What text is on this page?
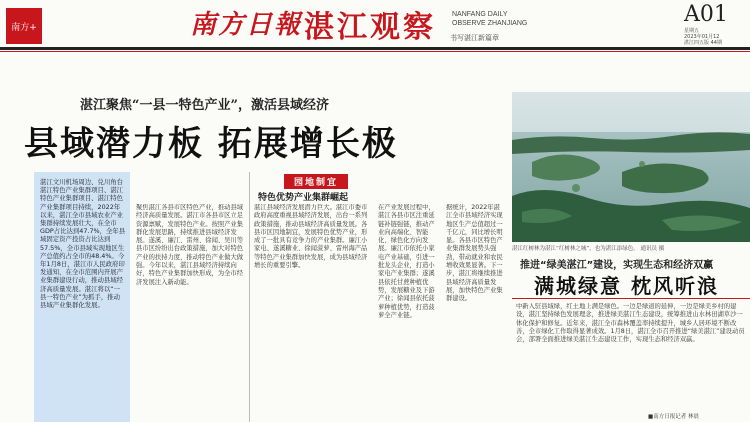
南方+	南方日報 湛江观察 NANFANG DAILY
OBSERVE ZHANJIANG
书写湛江新篇章
A​01
星期五
2023年01月12
湛江四五版 44期
湛江聚焦“一县一特色产业”，激活县域经济
县域潜力板 拓展增长极
湛江文川机场周边、兑川角台湛江特色产业集群项目、湛江特色产业集群项目、湛江特色产业集群项目持续，2022年以来，湛江全市县域农业产业集群持续发展壮大，在全市GDP占比达到47.7%，全年县域固定资产投资占比达到57.5%，全市县域实现地区生产总值约占全市的48.4%。今年1月8日，湛江市人民政府印发通知，在全市范围内开展产业集群建设行动，推动县域经济高质量发展。湛江将以“一县一特色产业”为抓手，推动县域产业集群化发展。
聚焦湛江各县市区特色产业，推动县域经济高质量发展。湛江市各县市区立足资源禀赋，发展特色产业。按照产业集群化发展思路，持续推进县域经济发展。遂溪、廉江、雷州、徐闻、吴川等县市区纷纷出台政策措施，加大对特色产业的扶持力度，推动特色产业做大做强。今年以来，湛江县域经济持续向好，特色产业集群加快形成，为全市经济发展注入新动能。
园地制宜
特色优势产业集群崛起
湛江县域经济发展潜力巨大。湛江市委市政府高度重视县域经济发展，出台一系列政策措施，推动县域经济高质量发展。各县市区因地制宜，发展特色优势产业，形成了一批具有竞争力的产业集群。廉江小家电、遂溪糖业、徐闻菠萝、雷州海产品等特色产业集群加快发展，成为县域经济增长的重要引擎。
在产业发展过程中，湛江各县市区注重延链补链强链，推动产业向高端化、智能化、绿色化方向发展。廉江市依托小家电产业基础，引进一批龙头企业，打造小家电产业集群；遂溪县依托甘蔗种植优势，发展糖业及下游产业；徐闻县依托菠萝种植优势，打造菠萝全产业链。
据统计，2022年湛江全市县域经济实现地区生产总值超过一千亿元，同比增长明显。各县市区特色产业集群发展势头强劲，带动就业和农民增收效果显著。下一步，湛江将继续推进县域经济高质量发展，加快特色产业集群建设。
湛江红树林为湛江“红树林之城”，也为湛江添绿色。 通讯员 摄
推进“绿美湛江”建设，实现生态和经济双赢
满城绿意 枕风听浪
中新入驻县域绿，红土地上满是绿色。一边是绿道的延伸，一边是绿美乡村的建设，湛江坚持绿色发展理念，推进绿美湛江生态建设，统筹推进山水林田湖草沙一体化保护和修复。近年来，湛江全市森林覆盖率持续提升，城乡人居环境不断改善，全市绿化工作取得显著成效。1月8日，湛江全市召开推进“绿美湛江”建设动员会，部署全面推进绿美湛江生态建设工作，实现生态和经济双赢。
■南方日报记者 林晨
